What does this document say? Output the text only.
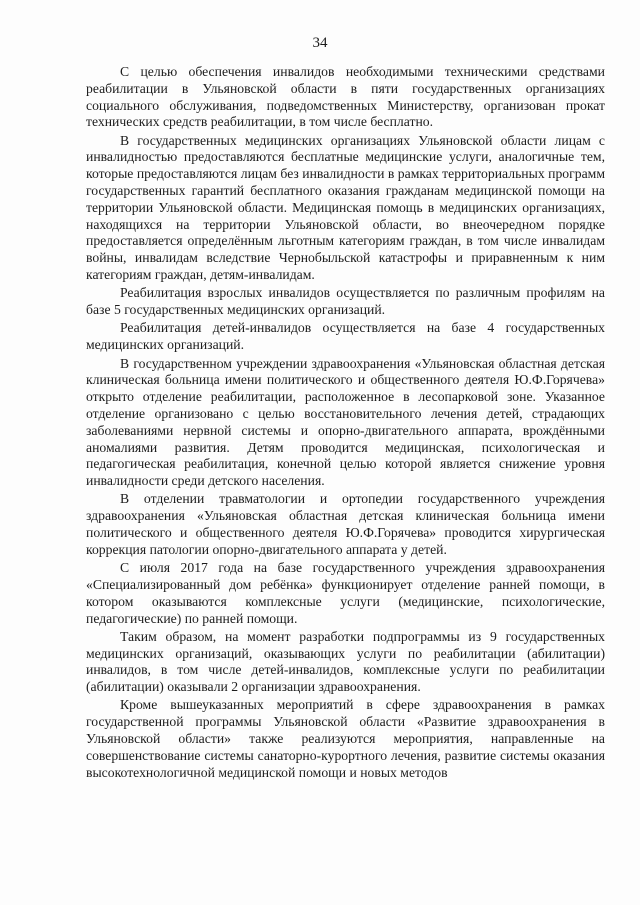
34

С целью обеспечения инвалидов необходимыми техническими средствами реабилитации в Ульяновской области в пяти государственных организациях социального обслуживания, подведомственных Министерству, организован прокат технических средств реабилитации, в том числе бесплатно.

В государственных медицинских организациях Ульяновской области лицам с инвалидностью предоставляются бесплатные медицинские услуги, аналогичные тем, которые предоставляются лицам без инвалидности в рамках территориальных программ государственных гарантий бесплатного оказания гражданам медицинской помощи на территории Ульяновской области. Медицинская помощь в медицинских организациях, находящихся на территории Ульяновской области, во внеочередном порядке предоставляется определённым льготным категориям граждан, в том числе инвалидам войны, инвалидам вследствие Чернобыльской катастрофы и приравненным к ним категориям граждан, детям-инвалидам.

Реабилитация взрослых инвалидов осуществляется по различным профилям на базе 5 государственных медицинских организаций.

Реабилитация детей-инвалидов осуществляется на базе 4 государственных медицинских организаций.

В государственном учреждении здравоохранения «Ульяновская областная детская клиническая больница имени политического и общественного деятеля Ю.Ф.Горячева» открыто отделение реабилитации, расположенное в лесопарковой зоне. Указанное отделение организовано с целью восстановительного лечения детей, страдающих заболеваниями нервной системы и опорно-двигательного аппарата, врождёнными аномалиями развития. Детям проводится медицинская, психологическая и педагогическая реабилитация, конечной целью которой является снижение уровня инвалидности среди детского населения.

В отделении травматологии и ортопедии государственного учреждения здравоохранения «Ульяновская областная детская клиническая больница имени политического и общественного деятеля Ю.Ф.Горячева» проводится хирургическая коррекция патологии опорно-двигательного аппарата у детей.

С июля 2017 года на базе государственного учреждения здравоохранения «Специализированный дом ребёнка» функционирует отделение ранней помощи, в котором оказываются комплексные услуги (медицинские, психологические, педагогические) по ранней помощи.

Таким образом, на момент разработки подпрограммы из 9 государственных медицинских организаций, оказывающих услуги по реабилитации (абилитации) инвалидов, в том числе детей-инвалидов, комплексные услуги по реабилитации (абилитации) оказывали 2 организации здравоохранения.

Кроме вышеуказанных мероприятий в сфере здравоохранения в рамках государственной программы Ульяновской области «Развитие здравоохранения в Ульяновской области» также реализуются мероприятия, направленные на совершенствование системы санаторно-курортного лечения, развитие системы оказания высокотехнологичной медицинской помощи и новых методов
